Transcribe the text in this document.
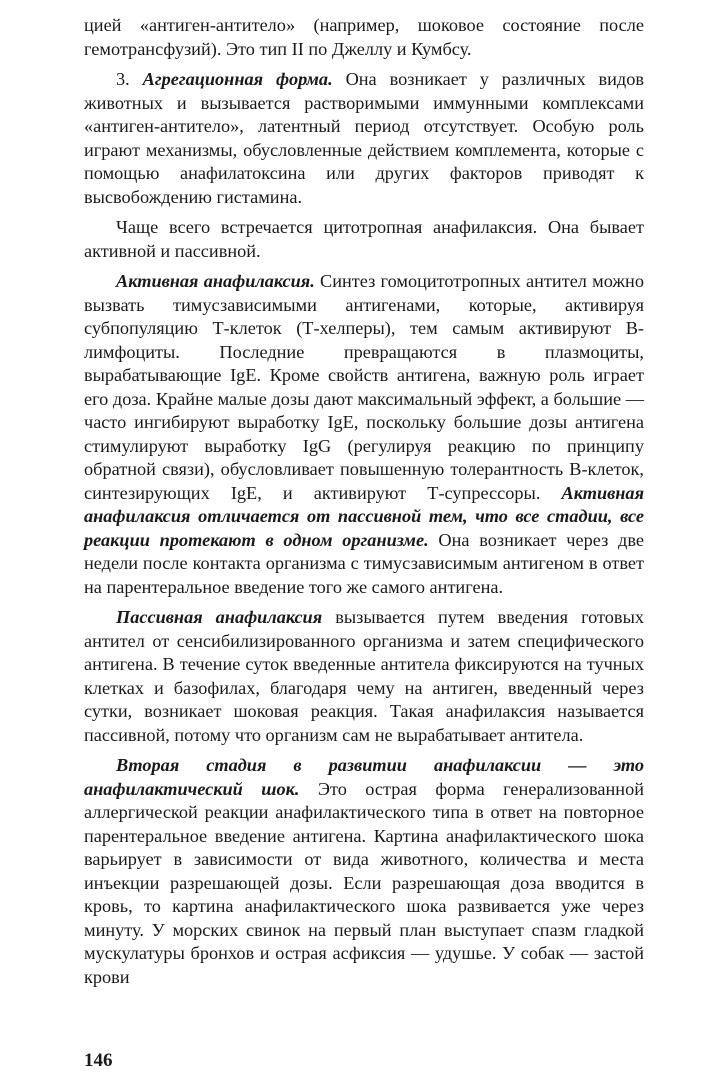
цией «антиген-антитело» (например, шоковое состояние после гемотрансфузий). Это тип II по Джеллу и Кумбсу.

3. Агрегационная форма. Она возникает у различных видов животных и вызывается растворимыми иммунными комплексами «антиген-антитело», латентный период отсутствует. Особую роль играют механизмы, обусловленные действием комплемента, которые с помощью анафилатоксина или других факторов приводят к высвобождению гистамина.

Чаще всего встречается цитотропная анафилаксия. Она бывает активной и пассивной.

Активная анафилаксия. Синтез гомоцитотропных антител можно вызвать тимусзависимыми антигенами, которые, активируя субпопуляцию Т-клеток (Т-хелперы), тем самым активируют В-лимфоциты. Последние превращаются в плазмоциты, вырабатывающие IgE. Кроме свойств антигена, важную роль играет его доза. Крайне малые дозы дают максимальный эффект, а большие — часто ингибируют выработку IgE, поскольку большие дозы антигена стимулируют выработку IgG (регулируя реакцию по принципу обратной связи), обусловливает повышенную толерантность В-клеток, синтезирующих IgE, и активируют Т-супрессоры. Активная анафилаксия отличается от пассивной тем, что все стадии, все реакции протекают в одном организме. Она возникает через две недели после контакта организма с тимусзависимым антигеном в ответ на парентеральное введение того же самого антигена.

Пассивная анафилаксия вызывается путем введения готовых антител от сенсибилизированного организма и затем специфического антигена. В течение суток введенные антитела фиксируются на тучных клетках и базофилах, благодаря чему на антиген, введенный через сутки, возникает шоковая реакция. Такая анафилаксия называется пассивной, потому что организм сам не вырабатывает антитела.

Вторая стадия в развитии анафилаксии — это анафилактический шок. Это острая форма генерализованной аллергической реакции анафилактического типа в ответ на повторное парентеральное введение антигена. Картина анафилактического шока варьирует в зависимости от вида животного, количества и места инъекции разрешающей дозы. Если разрешающая доза вводится в кровь, то картина анафилактического шока развивается уже через минуту. У морских свинок на первый план выступает спазм гладкой мускулатуры бронхов и острая асфиксия — удушье. У собак — застой крови

146
